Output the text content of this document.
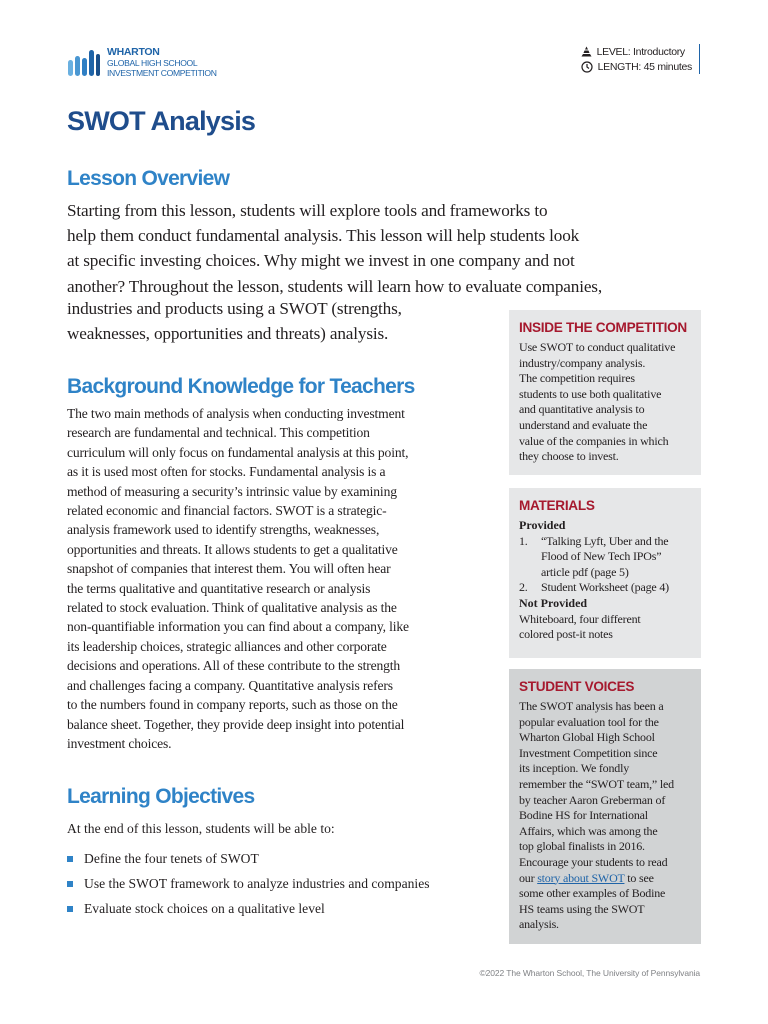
WHARTON
GLOBAL HIGH SCHOOL
INVESTMENT COMPETITION
LEVEL: Introductory
LENGTH: 45 minutes
SWOT Analysis
Lesson Overview
Starting from this lesson, students will explore tools and frameworks to
help them conduct fundamental analysis. This lesson will help students look
at specific investing choices. Why might we invest in one company and not
another? Throughout the lesson, students will learn how to evaluate companies,
industries and products using a SWOT (strengths,
weaknesses, opportunities and threats) analysis.
Background Knowledge for Teachers
The two main methods of analysis when conducting investment
research are fundamental and technical. This competition
curriculum will only focus on fundamental analysis at this point,
as it is used most often for stocks. Fundamental analysis is a
method of measuring a security’s intrinsic value by examining
related economic and financial factors. SWOT is a strategic-
analysis framework used to identify strengths, weaknesses,
opportunities and threats. It allows students to get a qualitative
snapshot of companies that interest them. You will often hear
the terms qualitative and quantitative research or analysis
related to stock evaluation. Think of qualitative analysis as the
non-quantifiable information you can find about a company, like
its leadership choices, strategic alliances and other corporate
decisions and operations. All of these contribute to the strength
and challenges facing a company. Quantitative analysis refers
to the numbers found in company reports, such as those on the
balance sheet. Together, they provide deep insight into potential
investment choices.
Learning Objectives
At the end of this lesson, students will be able to:
Define the four tenets of SWOT
Use the SWOT framework to analyze industries and companies
Evaluate stock choices on a qualitative level
INSIDE THE COMPETITION
Use SWOT to conduct qualitative
industry/company analysis.
The competition requires
students to use both qualitative
and quantitative analysis to
understand and evaluate the
value of the companies in which
they choose to invest.
MATERIALS
Provided
1.	“Talking Lyft, Uber and the
Flood of New Tech IPOs”
article pdf (page 5)
2.	Student Worksheet (page 4)
Not Provided
Whiteboard, four different
colored post-it notes
STUDENT VOICES
The SWOT analysis has been a
popular evaluation tool for the
Wharton Global High School
Investment Competition since
its inception. We fondly
remember the “SWOT team,” led
by teacher Aaron Greberman of
Bodine HS for International
Affairs, which was among the
top global finalists in 2016.
Encourage your students to read
our story about SWOT to see
some other examples of Bodine
HS teams using the SWOT
analysis.
©2022 The Wharton School, The University of Pennsylvania
